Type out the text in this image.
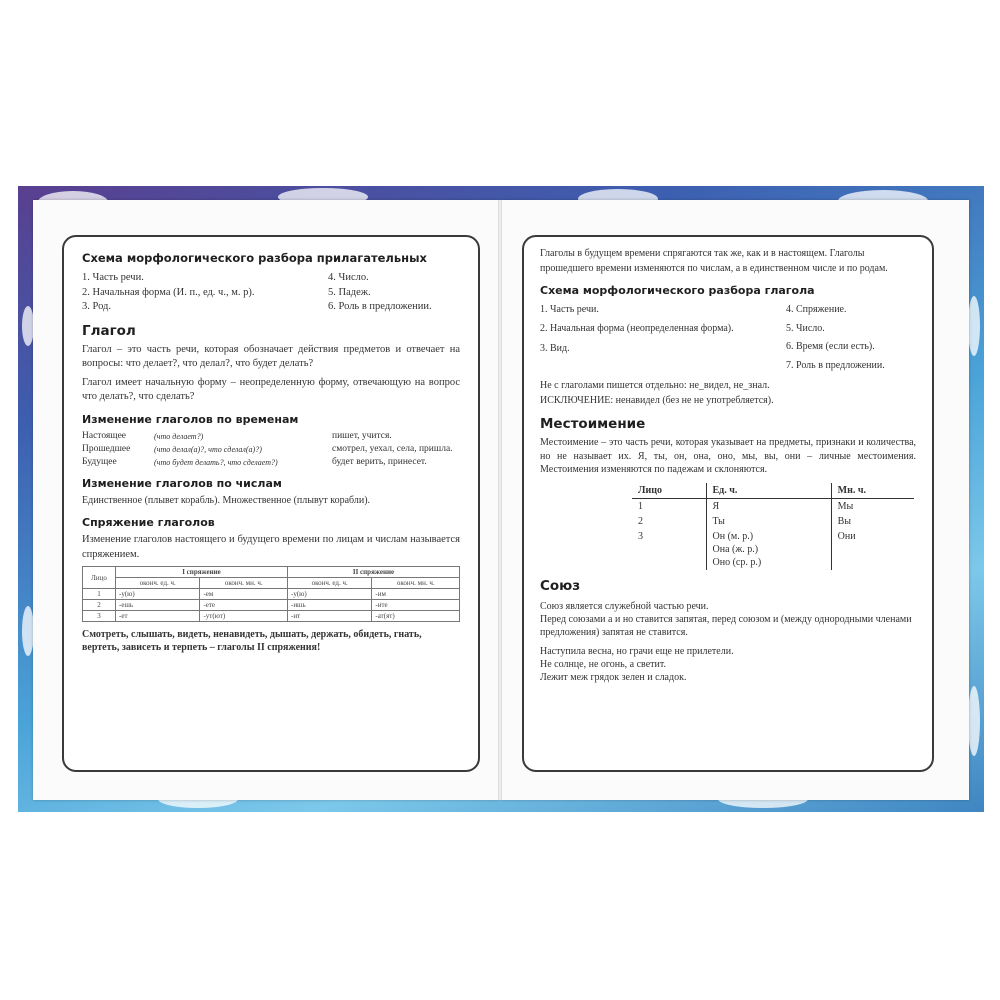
Схема морфологического разбора прилагательных
1. Часть речи.
2. Начальная форма (И. п., ед. ч., м. р).
3. Род.
4. Число.
5. Падеж.
6. Роль в предложении.
Глагол
Глагол – это часть речи, которая обозначает действия предметов и отвечает на вопросы: что делает?, что делал?, что будет делать?
Глагол имеет начальную форму – неопределенную форму, отвечающую на вопрос что делать?, что сделать?
Изменение глаголов по временам
Настоящее	(что делает?)	пишет, учится.
Прошедшее	(что делал(а)?, что сделал(а)?)	смотрел, уехал, села, пришла.
Будущее	(что будет делать?, что сделает?)	будет верить, принесет.
Изменение глаголов по числам
Единственное (плывет корабль). Множественное (плывут корабли).
Спряжение глаголов
Изменение глаголов настоящего и будущего времени по лицам и числам называется спряжением.
Лицо	I спряжение		II спряжение	
	оконч. ед. ч.	оконч. мн. ч.	оконч. ед. ч.	оконч. мн. ч.
1	-у(ю)	-ем	-у(ю)	-им
2	-ешь	-ете	-ишь	-ите
3	-ет	-ут(ют)	-ит	-ат(ят)
Смотреть, слышать, видеть, ненавидеть, дышать, держать, обидеть, гнать, вертеть, зависеть и терпеть – глаголы II спряжения!
Глаголы в будущем времени спрягаются так же, как и в настоящем. Глаголы прошедшего времени изменяются по числам, а в единственном числе и по родам.
Схема морфологического разбора глагола
1. Часть речи.
2. Начальная форма (неопределенная форма).
3. Вид.
4. Спряжение.
5. Число.
6. Время (если есть).
7. Роль в предложении.
Не с глаголами пишется отдельно: не_видел, не_знал.
ИСКЛЮЧЕНИЕ: ненавидел (без не не употребляется).
Местоимение
Местоимение – это часть речи, которая указывает на предметы, признаки и количества, но не называет их. Я, ты, он, она, оно, мы, вы, они – личные местоимения. Местоимения изменяются по падежам и склоняются.
Лицо	Ед. ч.	Мн. ч.
1	Я	Мы
2	Ты	Вы
3	Он (м. р.)
Она (ж. р.)
Оно (ср. р.)	Они
Союз
Союз является служебной частью речи.
Перед союзами а и но ставится запятая, перед союзом и (между однородными членами предложения) запятая не ставится.
Наступила весна, но грачи еще не прилетели.
Не солнце, не огонь, а светит.
Лежит меж грядок зелен и сладок.
